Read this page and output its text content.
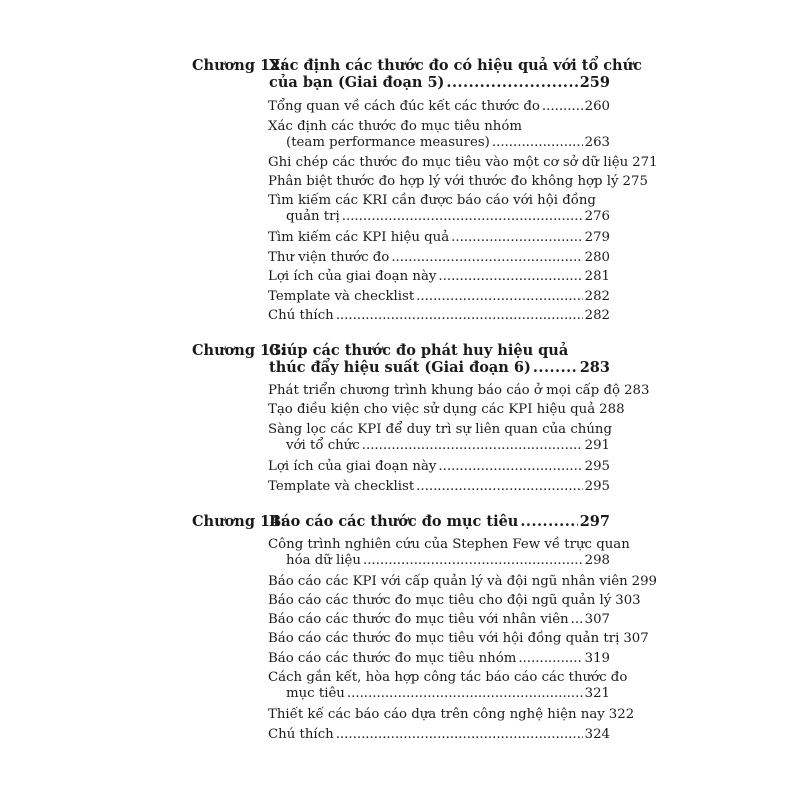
Chương 12:
Xác định các thước đo có hiệu quả với tổ chức
của bạn (Giai đoạn 5) .....	259
Tổng quan về cách đúc kết các thước đo .....	260
Xác định các thước đo mục tiêu nhóm
(team performance measures) .....	263
Ghi chép các thước đo mục tiêu vào một cơ sở dữ liệu 271
Phân biệt thước đo hợp lý với thước đo không hợp lý 275
Tìm kiếm các KRI cần được báo cáo với hội đồng
quản trị .....	276
Tìm kiếm các KPI hiệu quả .....	279
Thư viện thước đo .....	280
Lợi ích của giai đoạn này .....	281
Template và checklist .....	282
Chú thích .....	282
Chương 13:
Giúp các thước đo phát huy hiệu quả
thúc đẩy hiệu suất (Giai đoạn 6) .....	283
Phát triển chương trình khung báo cáo ở mọi cấp độ 283
Tạo điều kiện cho việc sử dụng các KPI hiệu quả 288
Sàng lọc các KPI để duy trì sự liên quan của chúng
với tổ chức .....	291
Lợi ích của giai đoạn này .....	295
Template và checklist .....	295
Chương 14:
Báo cáo các thước đo mục tiêu .....	297
Công trình nghiên cứu của Stephen Few về trực quan
hóa dữ liệu .....	298
Báo cáo các KPI với cấp quản lý và đội ngũ nhân viên 299
Báo cáo các thước đo mục tiêu cho đội ngũ quản lý 303
Báo cáo các thước đo mục tiêu với nhân viên ..... 307
Báo cáo các thước đo mục tiêu với hội đồng quản trị 307
Báo cáo các thước đo mục tiêu nhóm .....	319
Cách gắn kết, hòa hợp công tác báo cáo các thước đo
mục tiêu .....	321
Thiết kế các báo cáo dựa trên công nghệ hiện nay 322
Chú thích .....	324
